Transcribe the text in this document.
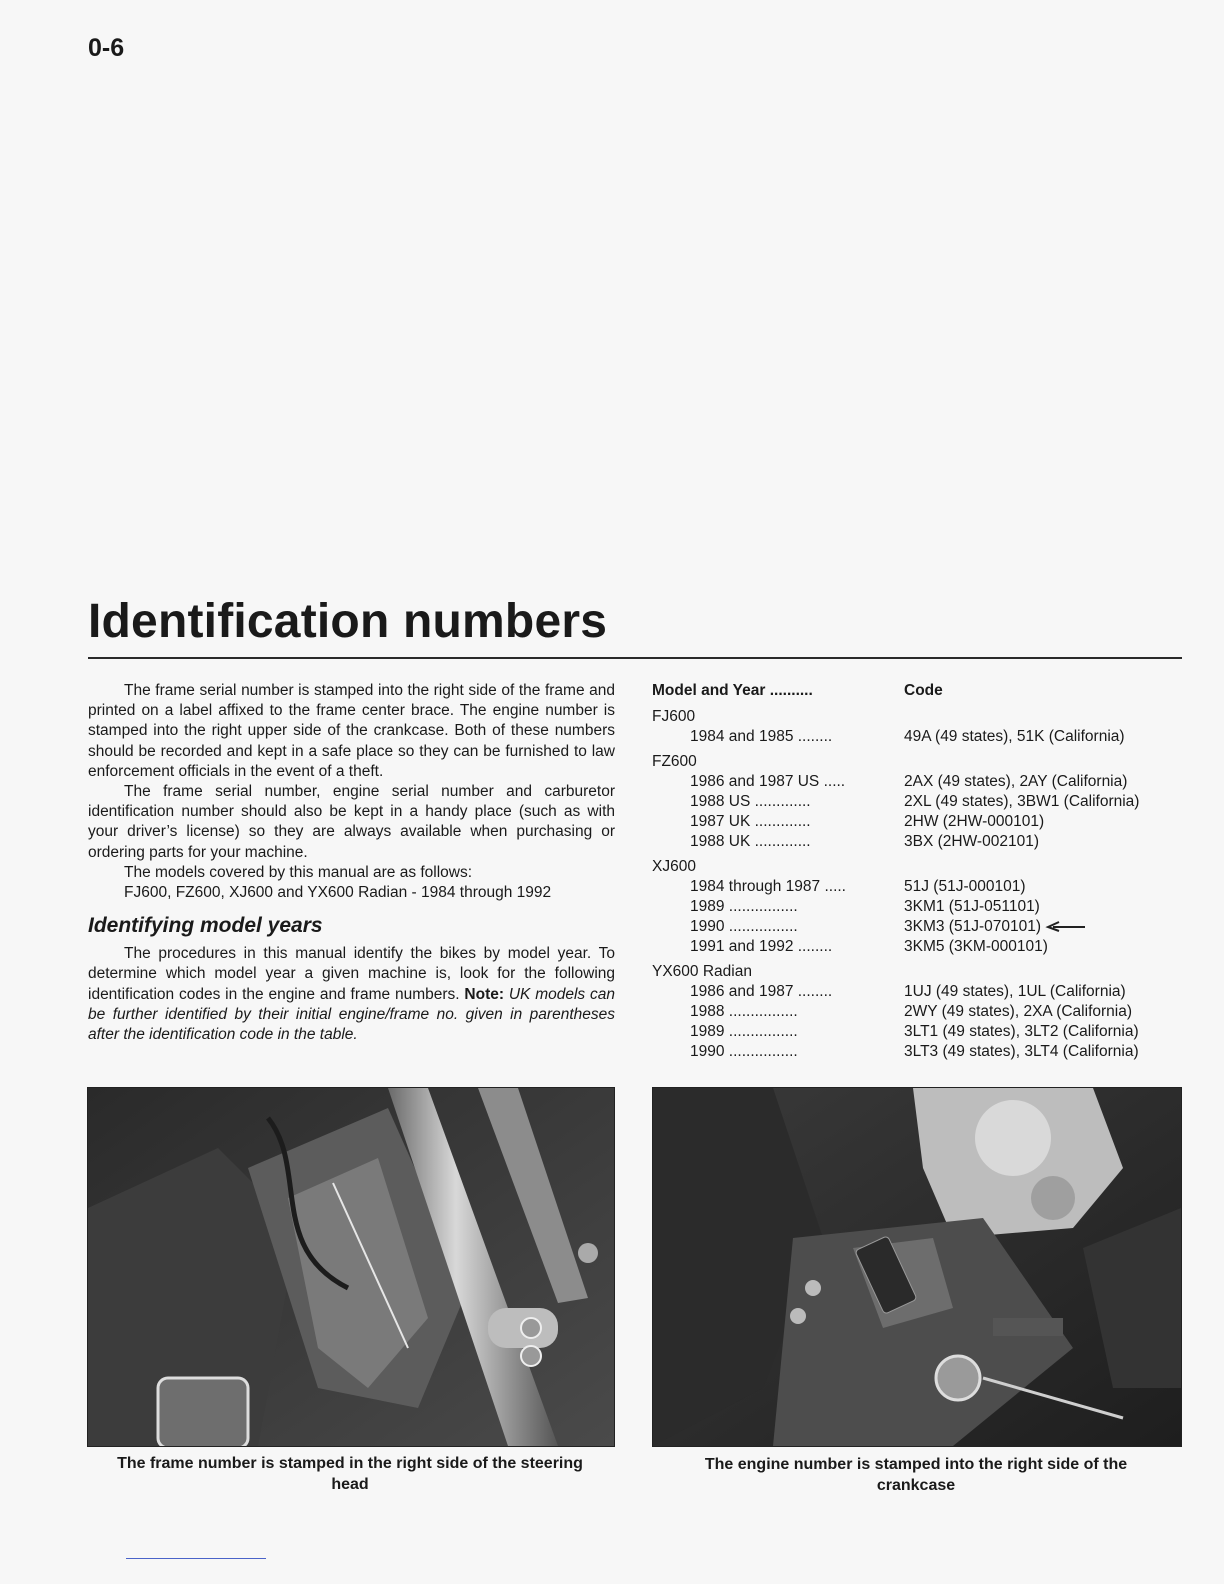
0-6
Identification numbers

The frame serial number is stamped into the right side of the frame and printed on a label affixed to the frame center brace. The engine number is stamped into the right upper side of the crankcase. Both of these numbers should be recorded and kept in a safe place so they can be furnished to law enforcement officials in the event of a theft.

The frame serial number, engine serial number and carburetor identification number should also be kept in a handy place (such as with your driver’s license) so they are always available when purchasing or ordering parts for your machine.

The models covered by this manual are as follows:

FJ600, FZ600, XJ600 and YX600 Radian - 1984 through 1992

Identifying model years

The procedures in this manual identify the bikes by model year. To determine which model year a given machine is, look for the following identification codes in the engine and frame numbers. Note: UK models can be further identified by their initial engine/frame no. given in parentheses after the identification code in the table.

Model and Year ..........	Code
FJ600
1984 and 1985 ........	49A (49 states), 51K (California)
FZ600
1986 and 1987 US .....	2AX (49 states), 2AY (California)
1988 US .............	2XL (49 states), 3BW1 (California)
1987 UK .............	2HW (2HW-000101)
1988 UK .............	3BX (2HW-002101)
XJ600
1984 through 1987 .....	51J (51J-000101)
1989 ................	3KM1 (51J-051101)
1990 ................	3KM3 (51J-070101)
1991 and 1992 ........	3KM5 (3KM-000101)
YX600 Radian
1986 and 1987 ........	1UJ (49 states), 1UL (California)
1988 ................	2WY (49 states), 2XA (California)
1989 ................	3LT1 (49 states), 3LT2 (California)
1990 ................	3LT3 (49 states), 3LT4 (California)
The frame number is stamped in the right side of the steering head
The engine number is stamped into the right side of the crankcase
